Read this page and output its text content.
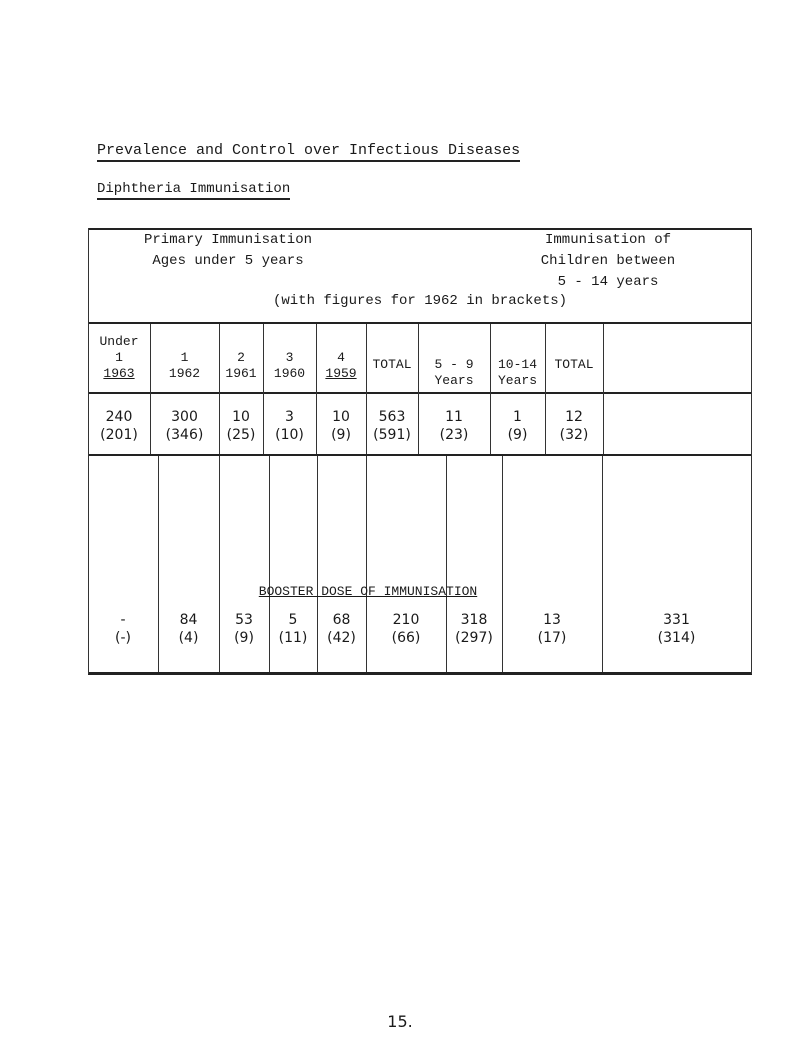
Prevalence and Control over Infectious Diseases
Diphtheria Immunisation
Primary Immunisation
Ages under 5 years
Immunisation of
Children between
5 - 14 years
(with figures for 1962 in brackets)
Under
1
1963
1
1962
2
1961
3
1960
4
1959
TOTAL	5 - 9
Years
10-14
Years
TOTAL
240
(201)
300
(346)
10
(25)
3
(10)
10
(9)
563
(591)
11
(23)
1
(9)
12
(32)
BOOSTER DOSE OF IMMUNISATION
-
(-)
84
(4)
53
(9)
5
(11)
68
(42)
210
(66)
318
(297)
13
(17)
331
(314)
15.
